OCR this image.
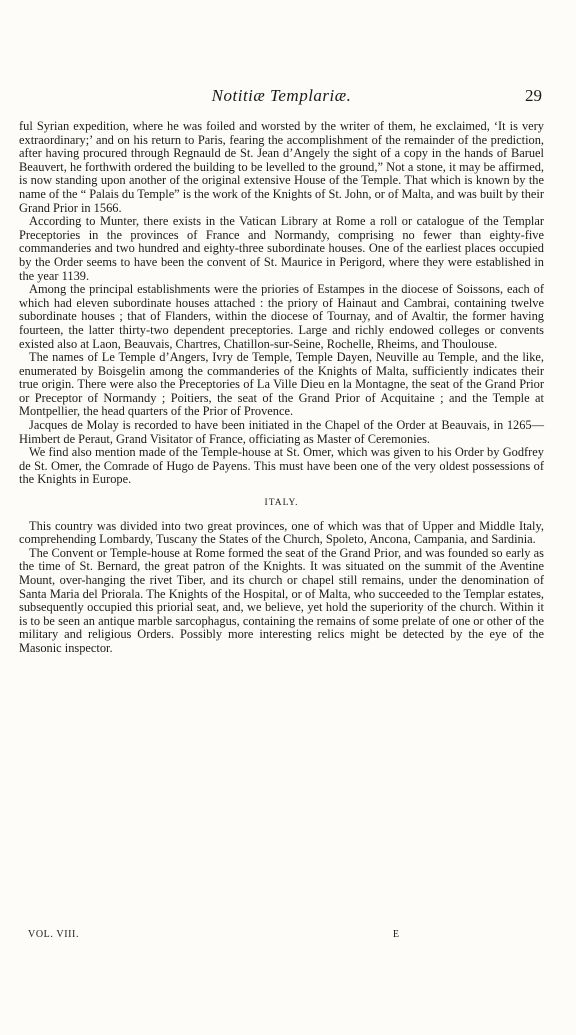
Notitiæ Templariæ.	29

ful Syrian expedition, where he was foiled and worsted by the writer of them, he exclaimed, ‘It is very extraordinary;’ and on his return to Paris, fearing the accomplishment of the remainder of the prediction, after having procured through Regnauld de St. Jean d’Angely the sight of a copy in the hands of Baruel Beauvert, he forthwith ordered the building to be levelled to the ground,” Not a stone, it may be affirmed, is now standing upon another of the original extensive House of the Temple. That which is known by the name of the “ Palais du Temple” is the work of the Knights of St. John, or of Malta, and was built by their Grand Prior in 1566.

According to Munter, there exists in the Vatican Library at Rome a roll or catalogue of the Templar Preceptories in the provinces of France and Normandy, comprising no fewer than eighty-five commanderies and two hundred and eighty-three subordinate houses. One of the earliest places occupied by the Order seems to have been the convent of St. Maurice in Perigord, where they were established in the year 1139.

Among the principal establishments were the priories of Estampes in the diocese of Soissons, each of which had eleven subordinate houses attached : the priory of Hainaut and Cambrai, containing twelve subordinate houses ; that of Flanders, within the diocese of Tournay, and of Avaltir, the former having fourteen, the latter thirty-two dependent preceptories. Large and richly endowed colleges or convents existed also at Laon, Beauvais, Chartres, Chatillon-sur-Seine, Rochelle, Rheims, and Thoulouse.

The names of Le Temple d’Angers, Ivry de Temple, Temple Dayen, Neuville au Temple, and the like, enumerated by Boisgelin among the commanderies of the Knights of Malta, sufficiently indicates their true origin. There were also the Preceptories of La Ville Dieu en la Montagne, the seat of the Grand Prior or Preceptor of Normandy ; Poitiers, the seat of the Grand Prior of Acquitaine ; and the Temple at Montpellier, the head quarters of the Prior of Provence.

Jacques de Molay is recorded to have been initiated in the Chapel of the Order at Beauvais, in 1265—Himbert de Peraut, Grand Visitator of France, officiating as Master of Ceremonies.

We find also mention made of the Temple-house at St. Omer, which was given to his Order by Godfrey de St. Omer, the Comrade of Hugo de Payens. This must have been one of the very oldest possessions of the Knights in Europe.

ITALY.

This country was divided into two great provinces, one of which was that of Upper and Middle Italy, comprehending Lombardy, Tuscany the States of the Church, Spoleto, Ancona, Campania, and Sardinia.

The Convent or Temple-house at Rome formed the seat of the Grand Prior, and was founded so early as the time of St. Bernard, the great patron of the Knights. It was situated on the summit of the Aventine Mount, over-hanging the rivet Tiber, and its church or chapel still remains, under the denomination of Santa Maria del Priorala. The Knights of the Hospital, or of Malta, who succeeded to the Templar estates, subsequently occupied this priorial seat, and, we believe, yet hold the superiority of the church. Within it is to be seen an antique marble sarcophagus, containing the remains of some prelate of one or other of the military and religious Orders. Possibly more interesting relics might be detected by the eye of the Masonic inspector.

VOL. VIII.	E
